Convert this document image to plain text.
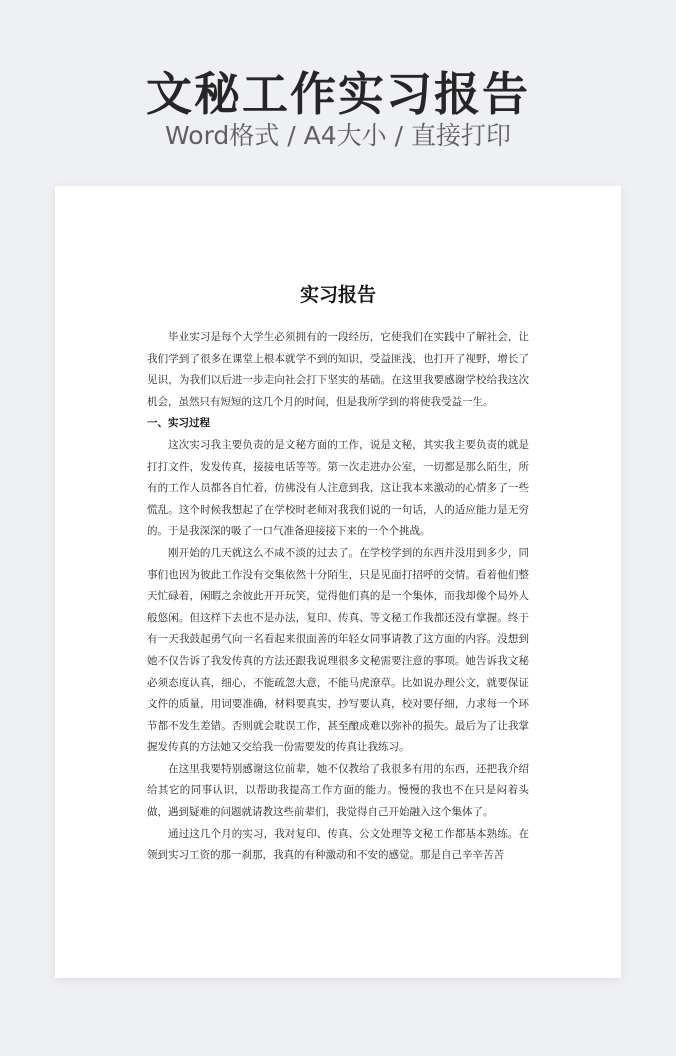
文秘工作实习报告
Word格式 / A4大小 / 直接打印
实习报告

毕业实习是每个大学生必须拥有的一段经历，它使我们在实践中了解社会，让我们学到了很多在课堂上根本就学不到的知识，受益匪浅，也打开了视野，增长了见识，为我们以后进一步走向社会打下坚实的基础。在这里我要感谢学校给我这次机会，虽然只有短短的这几个月的时间，但是我所学到的将使我受益一生。

一、实习过程

这次实习我主要负责的是文秘方面的工作，说是文秘，其实我主要负责的就是打打文件，发发传真，接接电话等等。第一次走进办公室，一切都是那么陌生，所有的工作人员都各自忙着，仿佛没有人注意到我，这让我本来激动的心情多了一些慌乱。这个时候我想起了在学校时老师对我我们说的一句话，人的适应能力是无穷的。于是我深深的吸了一口气准备迎接接下来的一个个挑战。

刚开始的几天就这么不咸不淡的过去了。在学校学到的东西并没用到多少，同事们也因为彼此工作没有交集依然十分陌生，只是见面打招呼的交情。看着他们整天忙碌着，闲暇之余彼此开开玩笑，觉得他们真的是一个集体，而我却像个局外人般悠闲。但这样下去也不是办法，复印、传真、等文秘工作我都还没有掌握。终于有一天我鼓起勇气向一名看起来很面善的年轻女同事请教了这方面的内容。没想到她不仅告诉了我发传真的方法还跟我说理很多文秘需要注意的事项。她告诉我文秘必须态度认真，细心，不能疏忽大意，不能马虎潦草。比如说办理公文，就要保证文件的质量，用词要准确，材料要真实，抄写要认真，校对要仔细，力求每一个环节都不发生差错。否则就会耽误工作，甚至酿成难以弥补的损失。最后为了让我掌握发传真的方法她又交给我一份需要发的传真让我练习。

在这里我要特别感谢这位前辈，她不仅教给了我很多有用的东西，还把我介绍给其它的同事认识，以帮助我提高工作方面的能力。慢慢的我也不在只是闷着头做，遇到疑难的问题就请教这些前辈们，我觉得自己开始融入这个集体了。

通过这几个月的实习，我对复印、传真、公文处理等文秘工作都基本熟练。在领到实习工资的那一刹那，我真的有种激动和不安的感觉。那是自己辛辛苦苦
